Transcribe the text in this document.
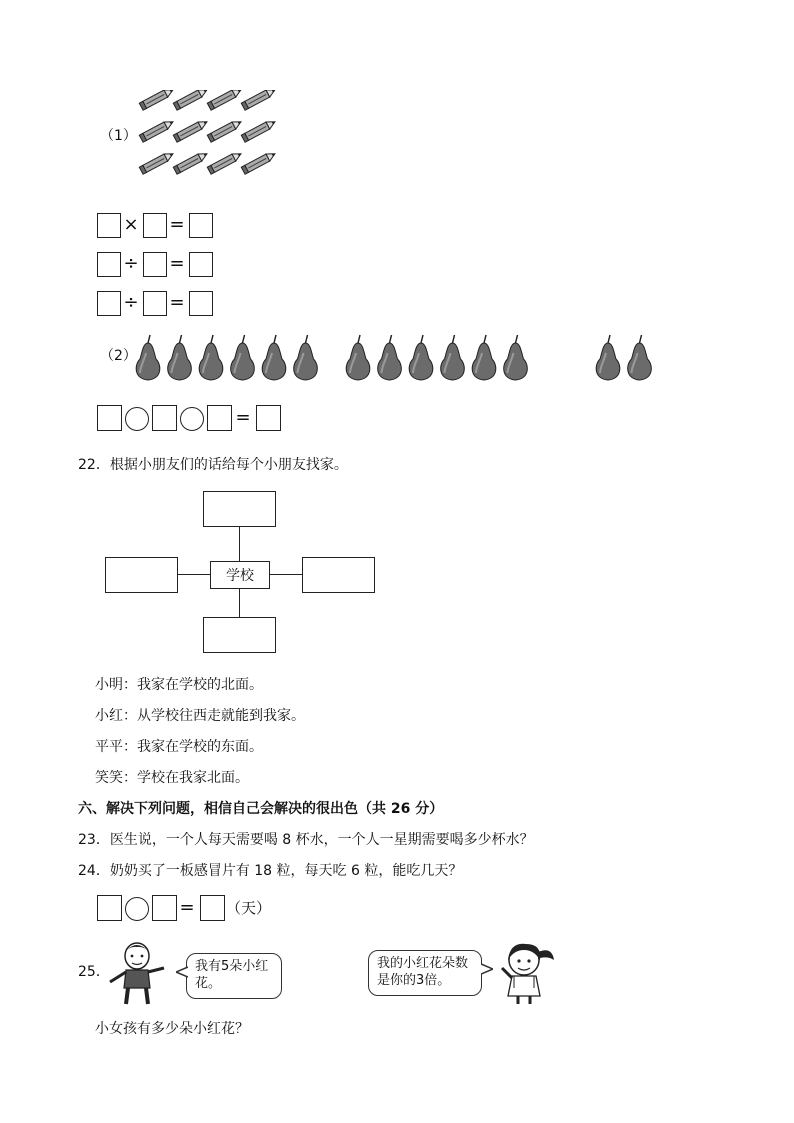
（1）
× =
÷ =
÷ =
（2）
=
22．根据小朋友们的话给每个小朋友找家。
学校
小明：我家在学校的北面。
小红：从学校往西走就能到我家。
平平：我家在学校的东面。
笑笑：学校在我家北面。
六、解决下列问题，相信自己会解决的很出色（共 26 分）
23．医生说，一个人每天需要喝 8 杯水，一个人一星期需要喝多少杯水？
24．奶奶买了一板感冒片有 18 粒，每天吃 6 粒，能吃几天？
= （天）
25．	我有5朵小红花。
我的小红花朵数是你的3倍。
小女孩有多少朵小红花？
